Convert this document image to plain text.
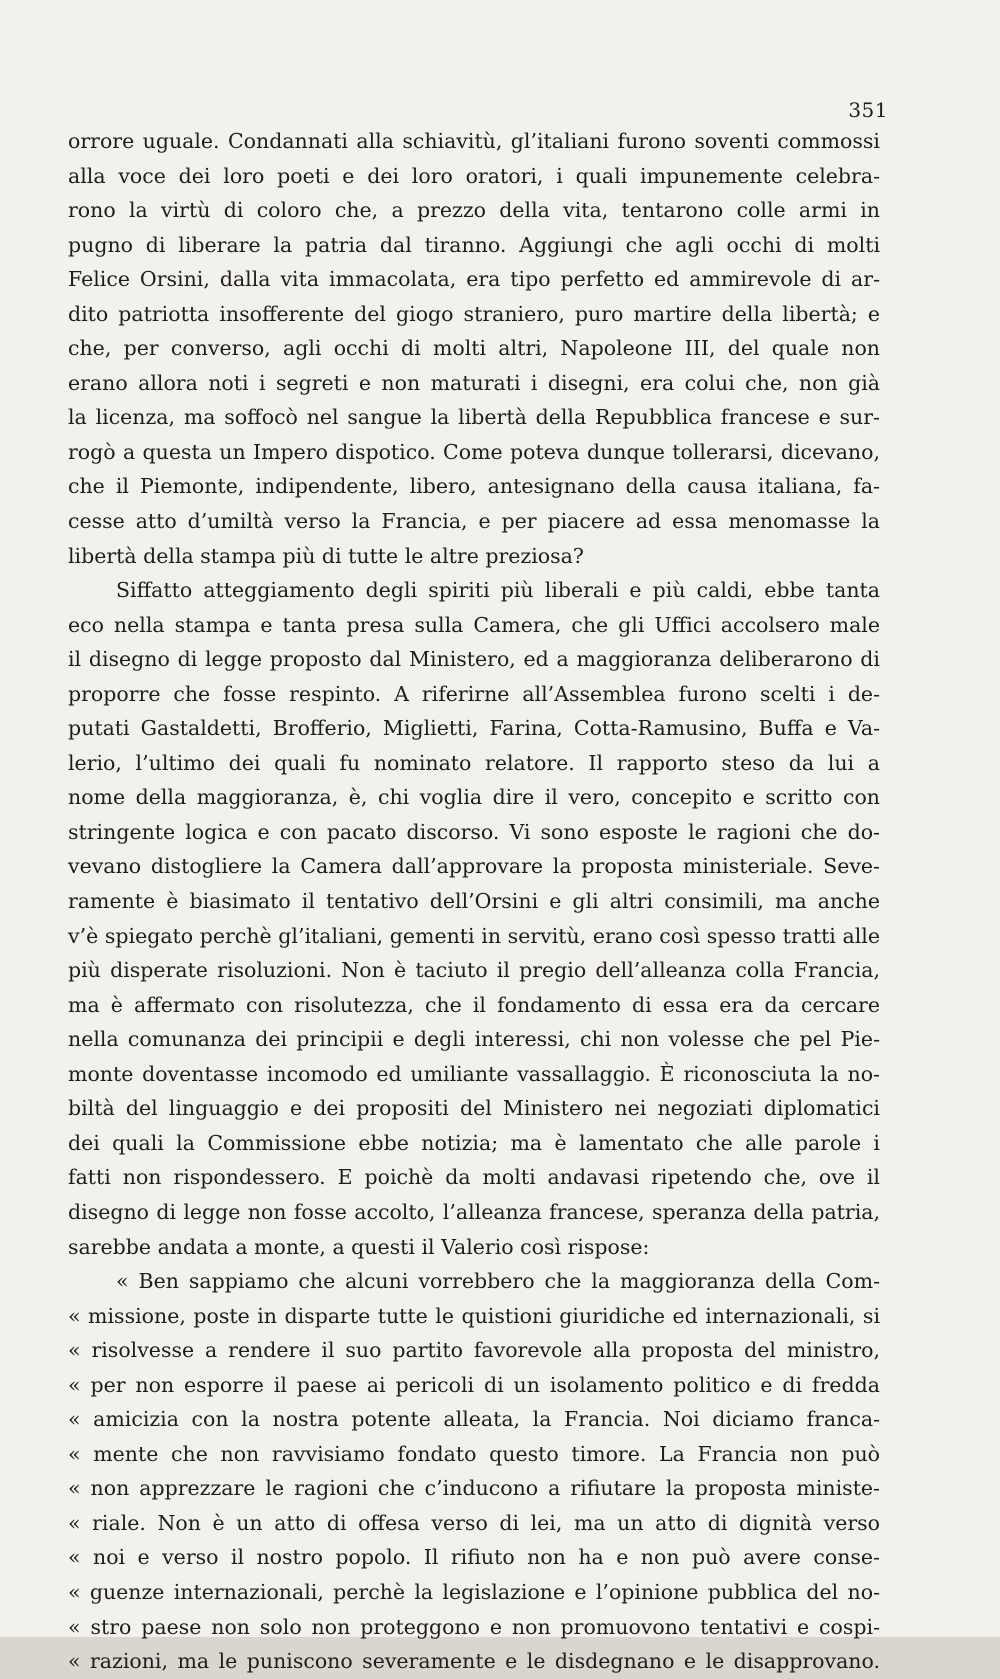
351
orrore uguale. Condannati alla schiavitù, gl’italiani furono soventi commossi
alla voce dei loro poeti e dei loro oratori, i quali impunemente celebra-
rono la virtù di coloro che, a prezzo della vita, tentarono colle armi in
pugno di liberare la patria dal tiranno. Aggiungi che agli occhi di molti
Felice Orsini, dalla vita immacolata, era tipo perfetto ed ammirevole di ar-
dito patriotta insofferente del giogo straniero, puro martire della libertà; e
che, per converso, agli occhi di molti altri, Napoleone III, del quale non
erano allora noti i segreti e non maturati i disegni, era colui che, non già
la licenza, ma soffocò nel sangue la libertà della Repubblica francese e sur-
rogò a questa un Impero dispotico. Come poteva dunque tollerarsi, dicevano,
che il Piemonte, indipendente, libero, antesignano della causa italiana, fa-
cesse atto d’umiltà verso la Francia, e per piacere ad essa menomasse la
libertà della stampa più di tutte le altre preziosa?
Siffatto atteggiamento degli spiriti più liberali e più caldi, ebbe tanta
eco nella stampa e tanta presa sulla Camera, che gli Uffici accolsero male
il disegno di legge proposto dal Ministero, ed a maggioranza deliberarono di
proporre che fosse respinto. A riferirne all’Assemblea furono scelti i de-
putati Gastaldetti, Brofferio, Miglietti, Farina, Cotta-Ramusino, Buffa e Va-
lerio, l’ultimo dei quali fu nominato relatore. Il rapporto steso da lui a
nome della maggioranza, è, chi voglia dire il vero, concepito e scritto con
stringente logica e con pacato discorso. Vi sono esposte le ragioni che do-
vevano distogliere la Camera dall’approvare la proposta ministeriale. Seve-
ramente è biasimato il tentativo dell’Orsini e gli altri consimili, ma anche
v’è spiegato perchè gl’italiani, gementi in servitù, erano così spesso tratti alle
più disperate risoluzioni. Non è taciuto il pregio dell’alleanza colla Francia,
ma è affermato con risolutezza, che il fondamento di essa era da cercare
nella comunanza dei principii e degli interessi, chi non volesse che pel Pie-
monte doventasse incomodo ed umiliante vassallaggio. È riconosciuta la no-
biltà del linguaggio e dei propositi del Ministero nei negoziati diplomatici
dei quali la Commissione ebbe notizia; ma è lamentato che alle parole i
fatti non rispondessero. E poichè da molti andavasi ripetendo che, ove il
disegno di legge non fosse accolto, l’alleanza francese, speranza della patria,
sarebbe andata a monte, a questi il Valerio così rispose:
« Ben sappiamo che alcuni vorrebbero che la maggioranza della Com-
« missione, poste in disparte tutte le quistioni giuridiche ed internazionali, si
« risolvesse a rendere il suo partito favorevole alla proposta del ministro,
« per non esporre il paese ai pericoli di un isolamento politico e di fredda
« amicizia con la nostra potente alleata, la Francia. Noi diciamo franca-
« mente che non ravvisiamo fondato questo timore. La Francia non può
« non apprezzare le ragioni che c’inducono a rifiutare la proposta ministe-
« riale. Non è un atto di offesa verso di lei, ma un atto di dignità verso
« noi e verso il nostro popolo. Il rifiuto non ha e non può avere conse-
« guenze internazionali, perchè la legislazione e l’opinione pubblica del no-
« stro paese non solo non proteggono e non promuovono tentativi e cospi-
« razioni, ma le puniscono severamente e le disdegnano e le disapprovano.
